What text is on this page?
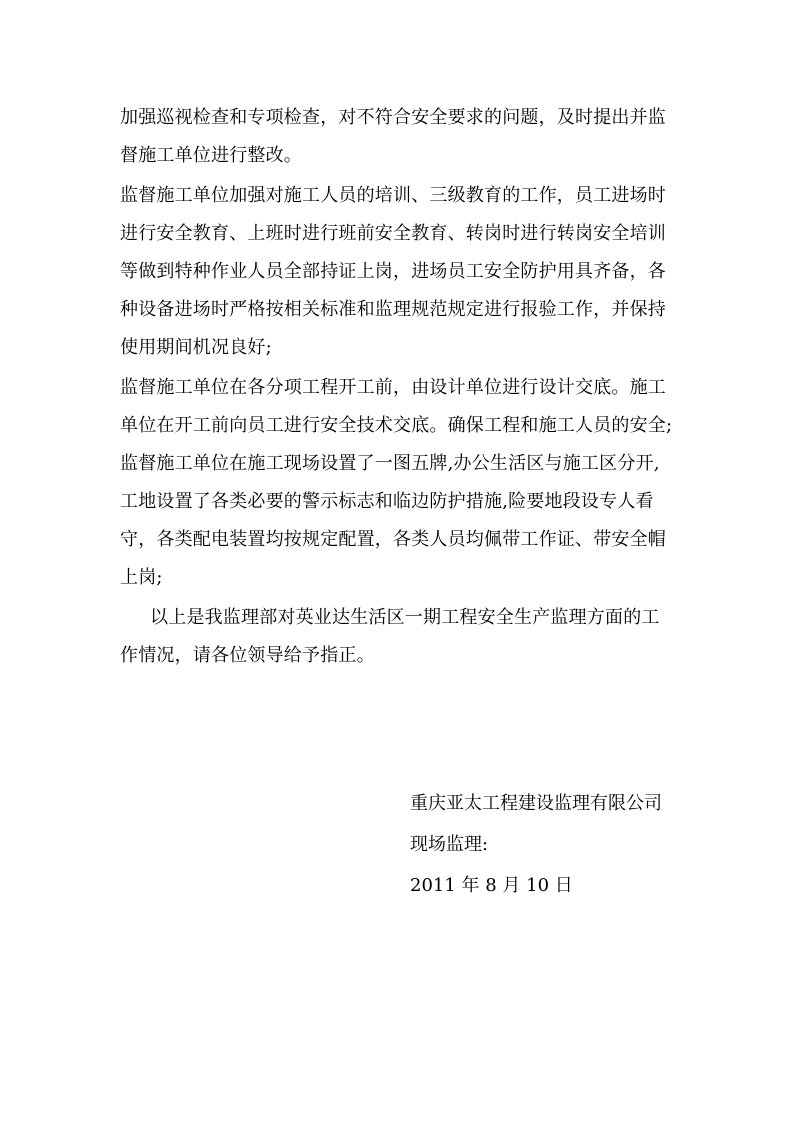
加强巡视检查和专项检查，对不符合安全要求的问题，及时提出并监
督施工单位进行整改。
监督施工单位加强对施工人员的培训、三级教育的工作，员工进场时
进行安全教育、上班时进行班前安全教育、转岗时进行转岗安全培训
等做到特种作业人员全部持证上岗，进场员工安全防护用具齐备，各
种设备进场时严格按相关标准和监理规范规定进行报验工作，并保持
使用期间机况良好;
监督施工单位在各分项工程开工前，由设计单位进行设计交底。施工
单位在开工前向员工进行安全技术交底。确保工程和施工人员的安全;
监督施工单位在施工现场设置了一图五牌,办公生活区与施工区分开,
工地设置了各类必要的警示标志和临边防护措施,险要地段设专人看
守，各类配电装置均按规定配置，各类人员均佩带工作证、带安全帽
上岗;
以上是我监理部对英业达生活区一期工程安全生产监理方面的工
作情况，请各位领导给予指正。
重庆亚太工程建设监理有限公司
现场监理:
2011 年 8 月 10 日
